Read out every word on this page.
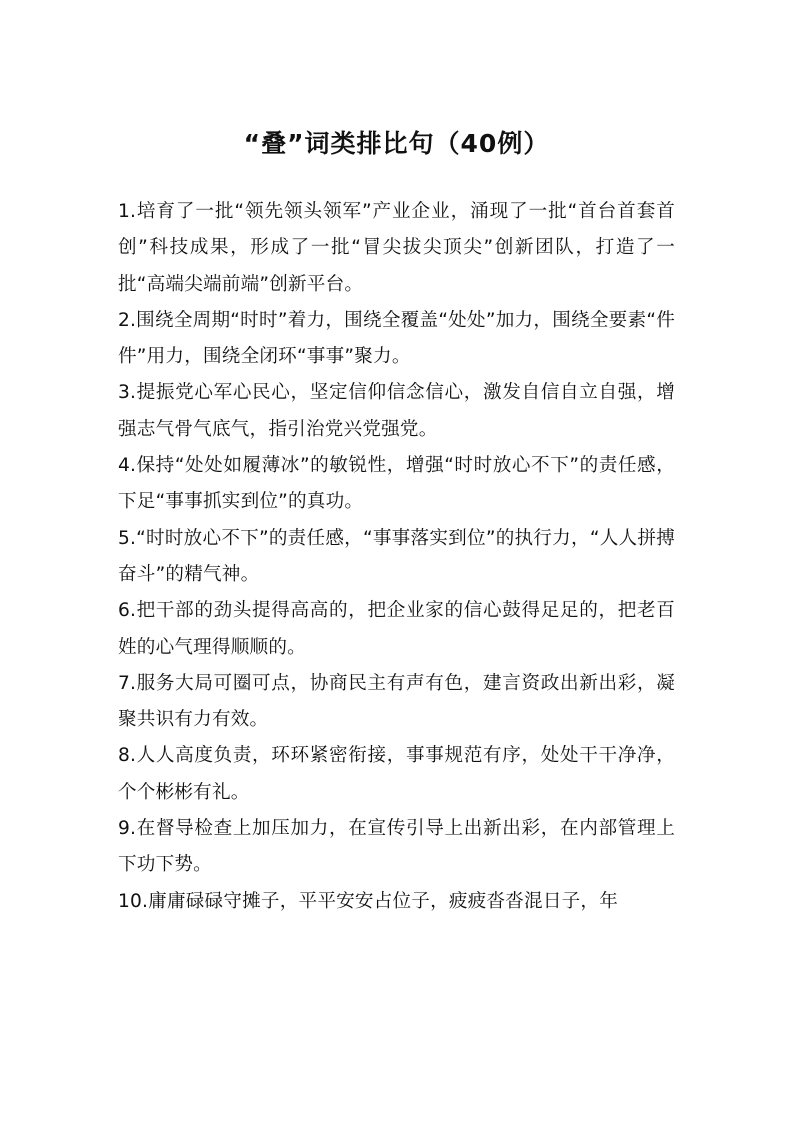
“叠”词类排比句（40例）

1.培育了一批“领先领头领军”产业企业，涌现了一批“首台首套首创”科技成果，形成了一批“冒尖拔尖顶尖”创新团队，打造了一批“高端尖端前端”创新平台。

2.围绕全周期“时时”着力，围绕全覆盖“处处”加力，围绕全要素“件件”用力，围绕全闭环“事事”聚力。

3.提振党心军心民心，坚定信仰信念信心，激发自信自立自强，增强志气骨气底气，指引治党兴党强党。

4.保持“处处如履薄冰”的敏锐性，增强“时时放心不下”的责任感，下足“事事抓实到位”的真功。

5.“时时放心不下”的责任感，“事事落实到位”的执行力，“人人拼搏奋斗”的精气神。

6.把干部的劲头提得高高的，把企业家的信心鼓得足足的，把老百姓的心气理得顺顺的。

7.服务大局可圈可点，协商民主有声有色，建言资政出新出彩，凝聚共识有力有效。

8.人人高度负责，环环紧密衔接，事事规范有序，处处干干净净，个个彬彬有礼。

9.在督导检查上加压加力，在宣传引导上出新出彩，在内部管理上下功下势。

10.庸庸碌碌守摊子，平平安安占位子，疲疲沓沓混日子，年
